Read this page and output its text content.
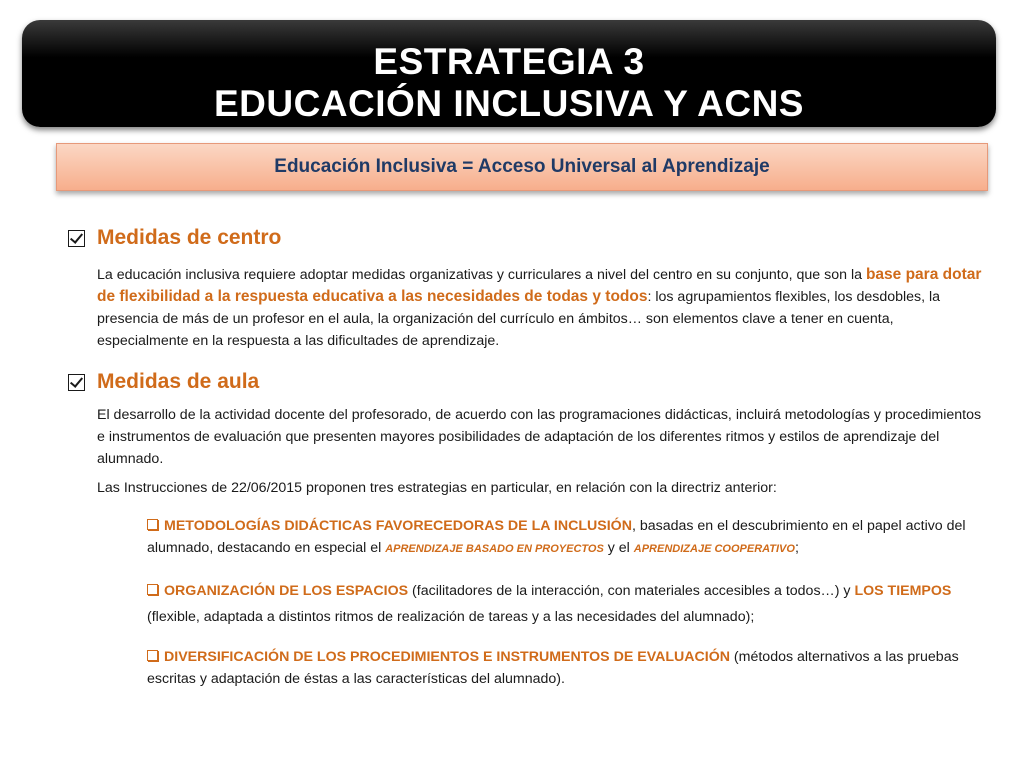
ESTRATEGIA 3
EDUCACIÓN INCLUSIVA Y ACNS
Educación Inclusiva = Acceso Universal al Aprendizaje
Medidas de centro
La educación inclusiva requiere adoptar medidas organizativas y curriculares a nivel del centro en su conjunto, que son la base para dotar de flexibilidad a la respuesta educativa a las necesidades de todas y todos: los agrupamientos flexibles, los desdobles, la presencia de más de un profesor en el aula, la organización del currículo en ámbitos… son elementos clave a tener en cuenta, especialmente en la respuesta a las dificultades de aprendizaje.
Medidas de aula
El desarrollo de la actividad docente del profesorado, de acuerdo con las programaciones didácticas, incluirá metodologías y procedimientos e instrumentos de evaluación que presenten mayores posibilidades de adaptación de los diferentes ritmos y estilos de aprendizaje del alumnado.
Las Instrucciones de 22/06/2015 proponen tres estrategias en particular, en relación con la directriz anterior:
METODOLOGÍAS DIDÁCTICAS FAVORECEDORAS DE LA INCLUSIÓN, basadas en el descubrimiento en el papel activo del alumnado, destacando en especial el APRENDIZAJE BASADO EN PROYECTOS y el APRENDIZAJE COOPERATIVO;
ORGANIZACIÓN DE LOS ESPACIOS (facilitadores de la interacción, con materiales accesibles a todos…) y LOS TIEMPOS (flexible, adaptada a distintos ritmos de realización de tareas y a las necesidades del alumnado);
DIVERSIFICACIÓN DE LOS PROCEDIMIENTOS E INSTRUMENTOS DE EVALUACIÓN (métodos alternativos a las pruebas escritas y adaptación de éstas a las características del alumnado).
